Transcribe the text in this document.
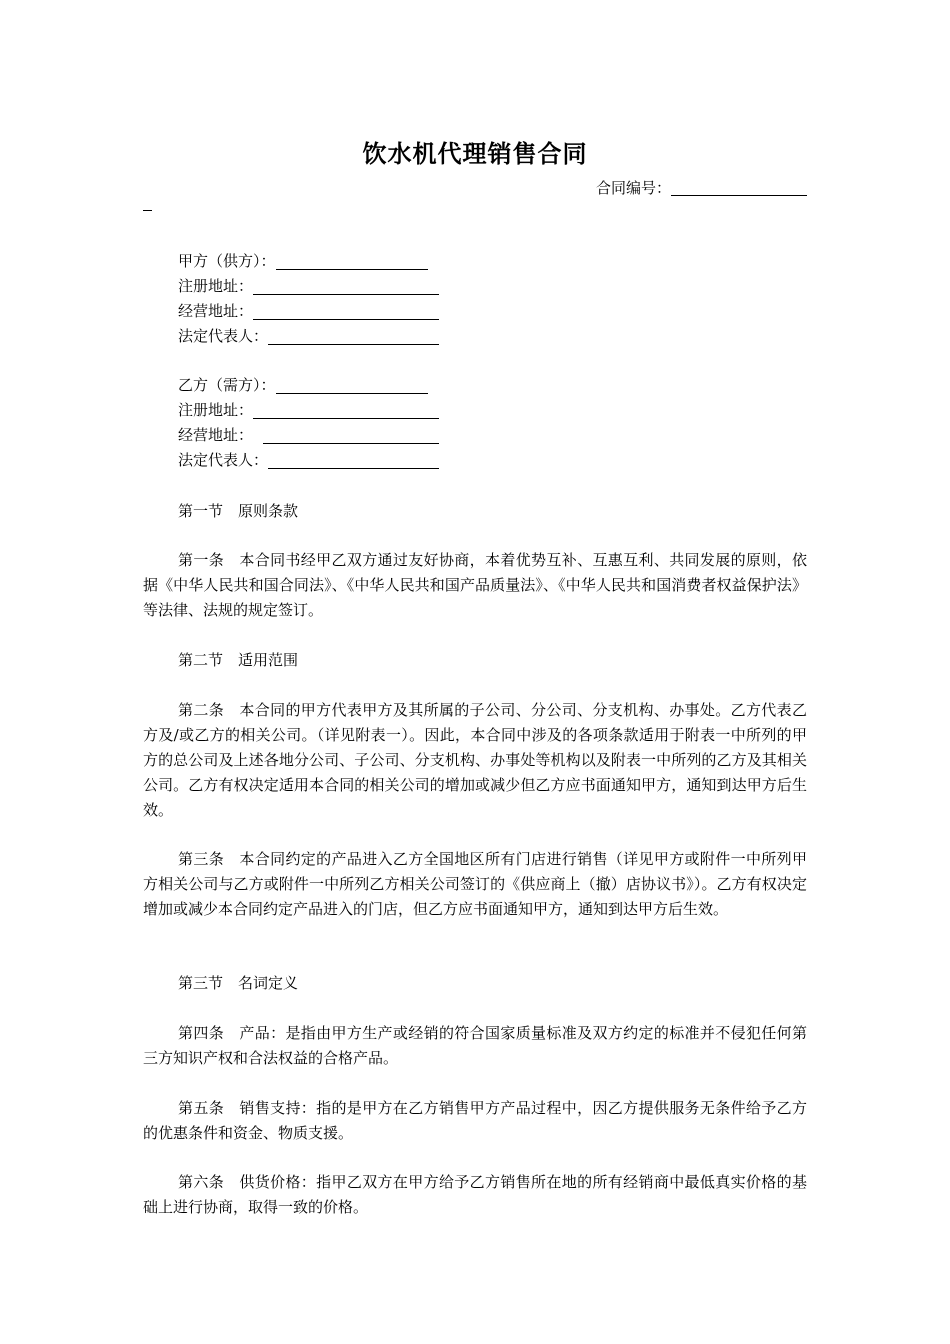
饮水机代理销售合同
合同编号：
甲方（供方）：
注册地址：
经营地址：
法定代表人：
乙方（需方）：
注册地址：
经营地址：
法定代表人：
第一节　原则条款
第一条　本合同书经甲乙双方通过友好协商，本着优势互补、互惠互利、共同发展的原则，依据《中华人民共和国合同法》、《中华人民共和国产品质量法》、《中华人民共和国消费者权益保护法》等法律、法规的规定签订。
第二节　适用范围
第二条　本合同的甲方代表甲方及其所属的子公司、分公司、分支机构、办事处。乙方代表乙方及/或乙方的相关公司。（详见附表一）。因此，本合同中涉及的各项条款适用于附表一中所列的甲方的总公司及上述各地分公司、子公司、分支机构、办事处等机构以及附表一中所列的乙方及其相关公司。乙方有权决定适用本合同的相关公司的增加或减少但乙方应书面通知甲方，通知到达甲方后生效。
第三条　本合同约定的产品进入乙方全国地区所有门店进行销售（详见甲方或附件一中所列甲方相关公司与乙方或附件一中所列乙方相关公司签订的《供应商上（撤）店协议书》）。乙方有权决定增加或减少本合同约定产品进入的门店，但乙方应书面通知甲方，通知到达甲方后生效。
第三节　名词定义
第四条　产品：是指由甲方生产或经销的符合国家质量标准及双方约定的标准并不侵犯任何第三方知识产权和合法权益的合格产品。
第五条　销售支持：指的是甲方在乙方销售甲方产品过程中，因乙方提供服务无条件给予乙方的优惠条件和资金、物质支援。
第六条　供货价格：指甲乙双方在甲方给予乙方销售所在地的所有经销商中最低真实价格的基础上进行协商，取得一致的价格。
